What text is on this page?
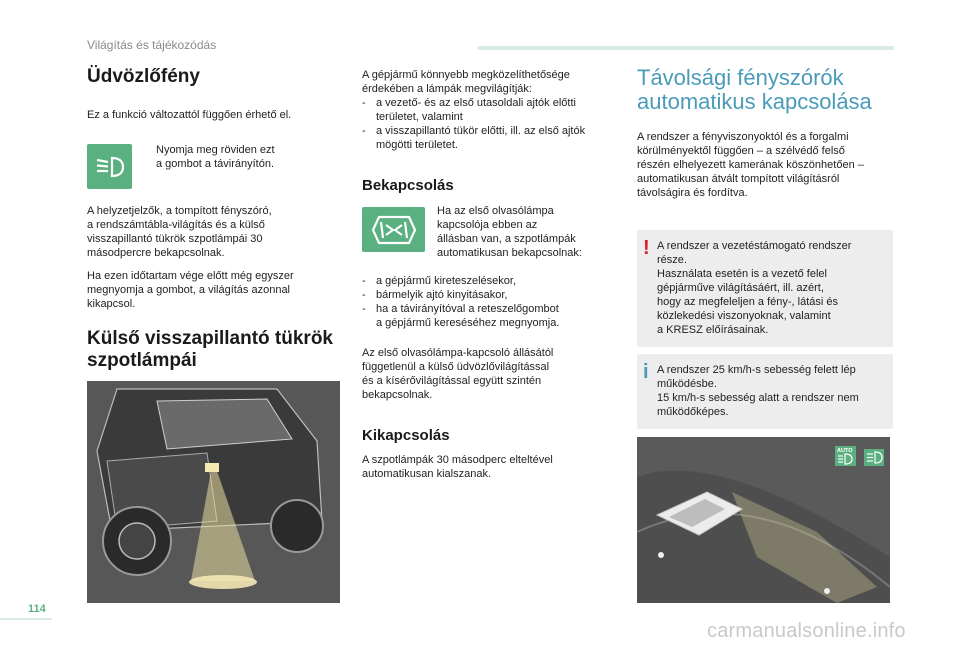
Világítás és tájékozódás
Üdvözlőfény

Ez a funkció változattól függően érhető el.

Nyomja meg röviden ezt

a gombot a távirányítón.

A helyzetjelzők, a tompított fényszóró,

a rendszámtábla-világítás és a külső

visszapillantó tükrök szpotlámpái 30

másodpercre bekapcsolnak.

Ha ezen időtartam vége előtt még egyszer

megnyomja a gombot, a világítás azonnal

kikapcsol.

Külső visszapillantó tükrök
szpotlámpái

A gépjármű könnyebb megközelíthetősége

érdekében a lámpák megvilágítják:

- a vezető- és az első utasoldali ajtók előtti

területet, valamint

- a visszapillantó tükör előtti, ill. az első ajtók

mögötti területet.

Bekapcsolás

Ha az első olvasólámpa

kapcsolója ebben az

állásban van, a szpotlámpák

automatikusan bekapcsolnak:

- a gépjármű kireteszelésekor,

- bármelyik ajtó kinyitásakor,

- ha a távirányítóval a reteszelőgombot

a gépjármű kereséséhez megnyomja.

Az első olvasólámpa-kapcsoló állásától

függetlenül a külső üdvözlővilágítással

és a kísérővilágítással együtt szintén

bekapcsolnak.

Kikapcsolás

A szpotlámpák 30 másodperc elteltével

automatikusan kialszanak.

Távolsági fényszórók

automatikus kapcsolása

A rendszer a fényviszonyoktól és a forgalmi

körülményektől függően – a szélvédő felső

részén elhelyezett kamerának köszönhetően –

automatikusan átvált tompított világításról

távolságira és fordítva.

! A rendszer a vezetéstámogató rendszer

része.

Használata esetén is a vezető felel

gépjárművе világításáért, ill. azért,

hogy az megfeleljen a fény-, látási és

közlekedési viszonyoknak, valamint

a KRESZ előírásainak.

i A rendszer 25 km/h-s sebesség felett lép

működésbe.

15 km/h-s sebesség alatt a rendszer nem

működőképes.

AUTO
114
carmanualsonline.info
